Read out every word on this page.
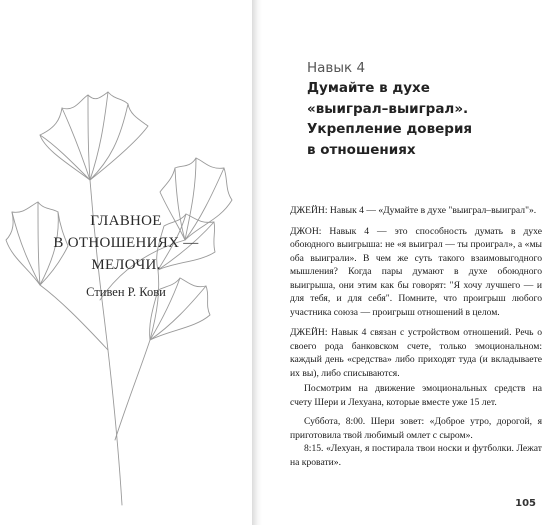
ГЛАВНОЕ
В ОТНОШЕНИЯХ —
МЕЛОЧИ.
Стивен Р. Кови
Навык 4
Думайте в духе
«выиграл–выиграл».
Укрепление доверия
в отношениях

ДЖЕЙН: Навык 4 — «Думайте в духе "выиграл–выиграл"».

ДЖОН: Навык 4 — это способность думать в духе обоюдного выигрыша: не «я выиграл — ты проиграл», а «мы оба выиграли». В чем же суть такого взаимовыгодного мышления? Когда пары думают в духе обоюдного выигрыша, они этим как бы говорят: "Я хочу лучшего — и для тебя, и для себя". Помните, что проигрыш любого участника союза — проигрыш отношений в целом.

ДЖЕЙН: Навык 4 связан с устройством отношений. Речь о своего рода банковском счете, только эмоциональном: каждый день «средства» либо приходят туда (и вкладываете их вы), либо списываются.

Посмотрим на движение эмоциональных средств на счету Шери и Лехуана, которые вместе уже 15 лет.

Суббота, 8:00. Шери зовет: «Доброе утро, дорогой, я приготовила твой любимый омлет с сыром».

8:15. «Лехуан, я постирала твои носки и футболки. Лежат на кровати».

105
